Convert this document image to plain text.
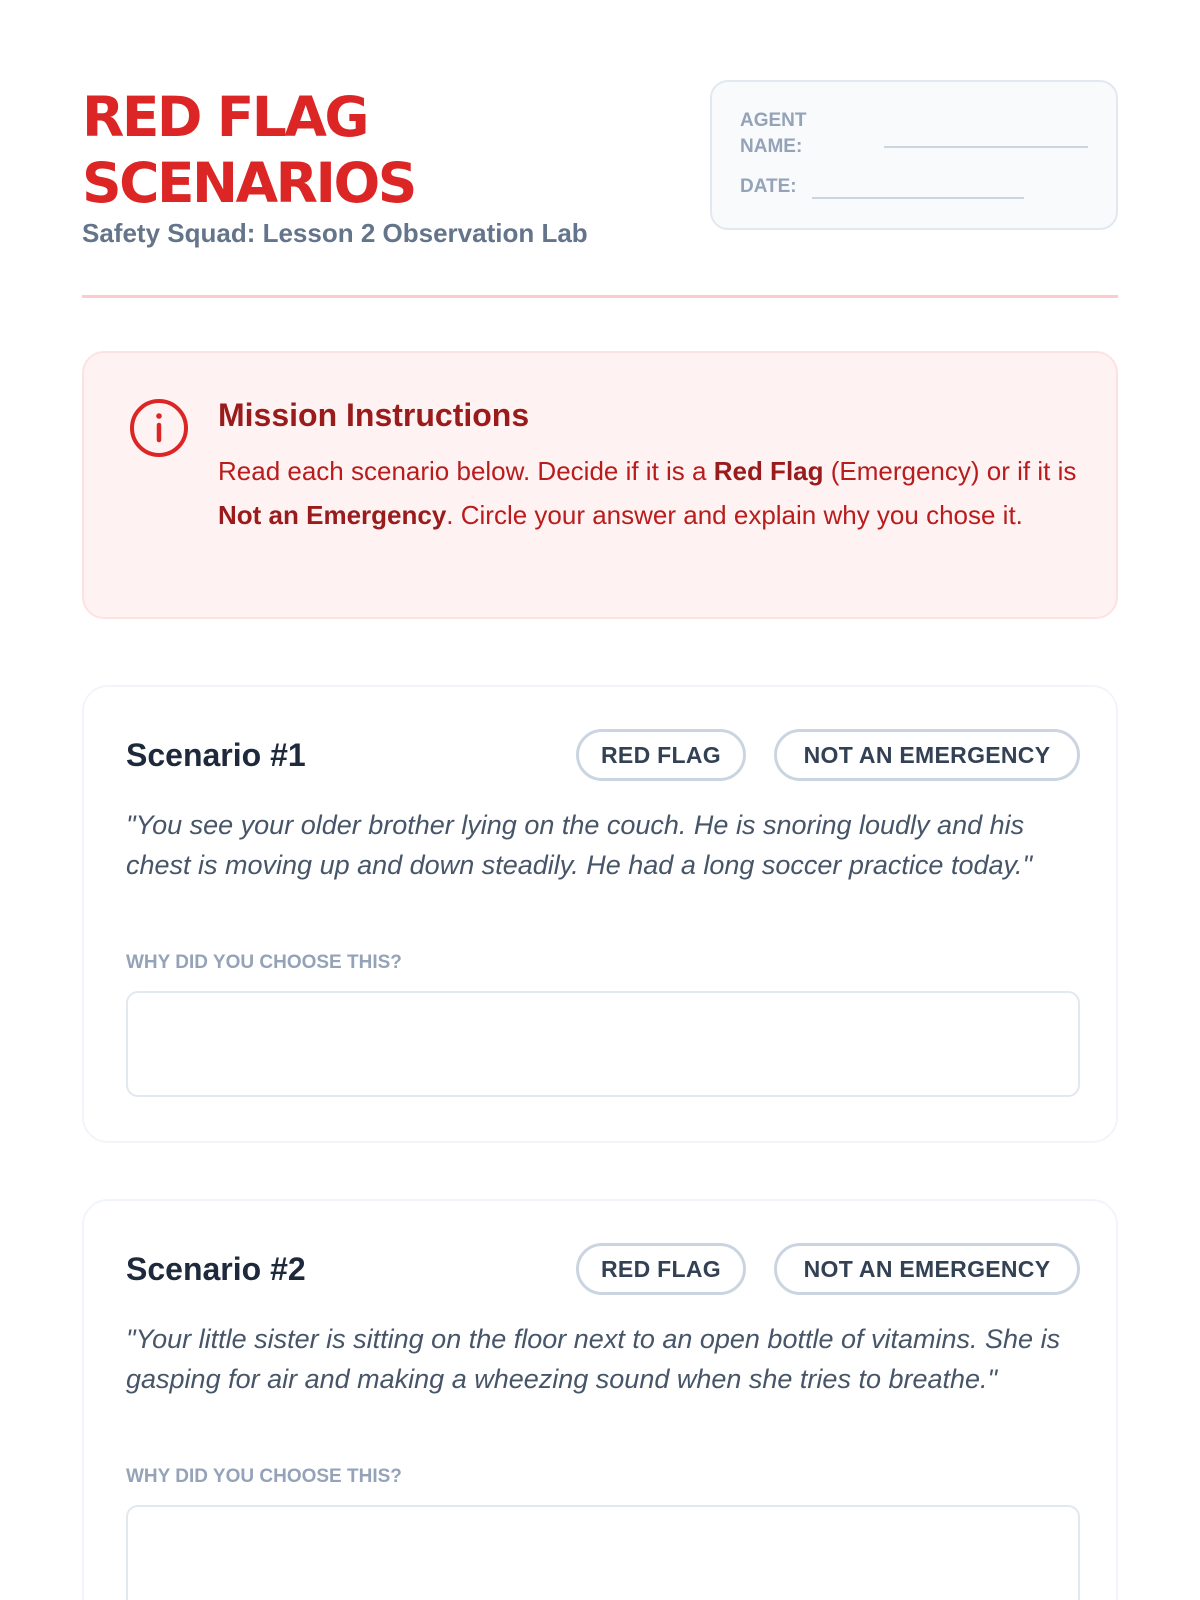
RED FLAG SCENARIOS
Safety Squad: Lesson 2 Observation Lab
AGENT NAME:
DATE:
Mission Instructions

Read each scenario below. Decide if it is a Red Flag (Emergency) or if it is Not an Emergency. Circle your answer and explain why you chose it.

Scenario #1	RED FLAG	NOT AN EMERGENCY

"You see your older brother lying on the couch. He is snoring loudly and his chest is moving up and down steadily. He had a long soccer practice today."

WHY DID YOU CHOOSE THIS?
Scenario #2	RED FLAG	NOT AN EMERGENCY

"Your little sister is sitting on the floor next to an open bottle of vitamins. She is gasping for air and making a wheezing sound when she tries to breathe."

WHY DID YOU CHOOSE THIS?
